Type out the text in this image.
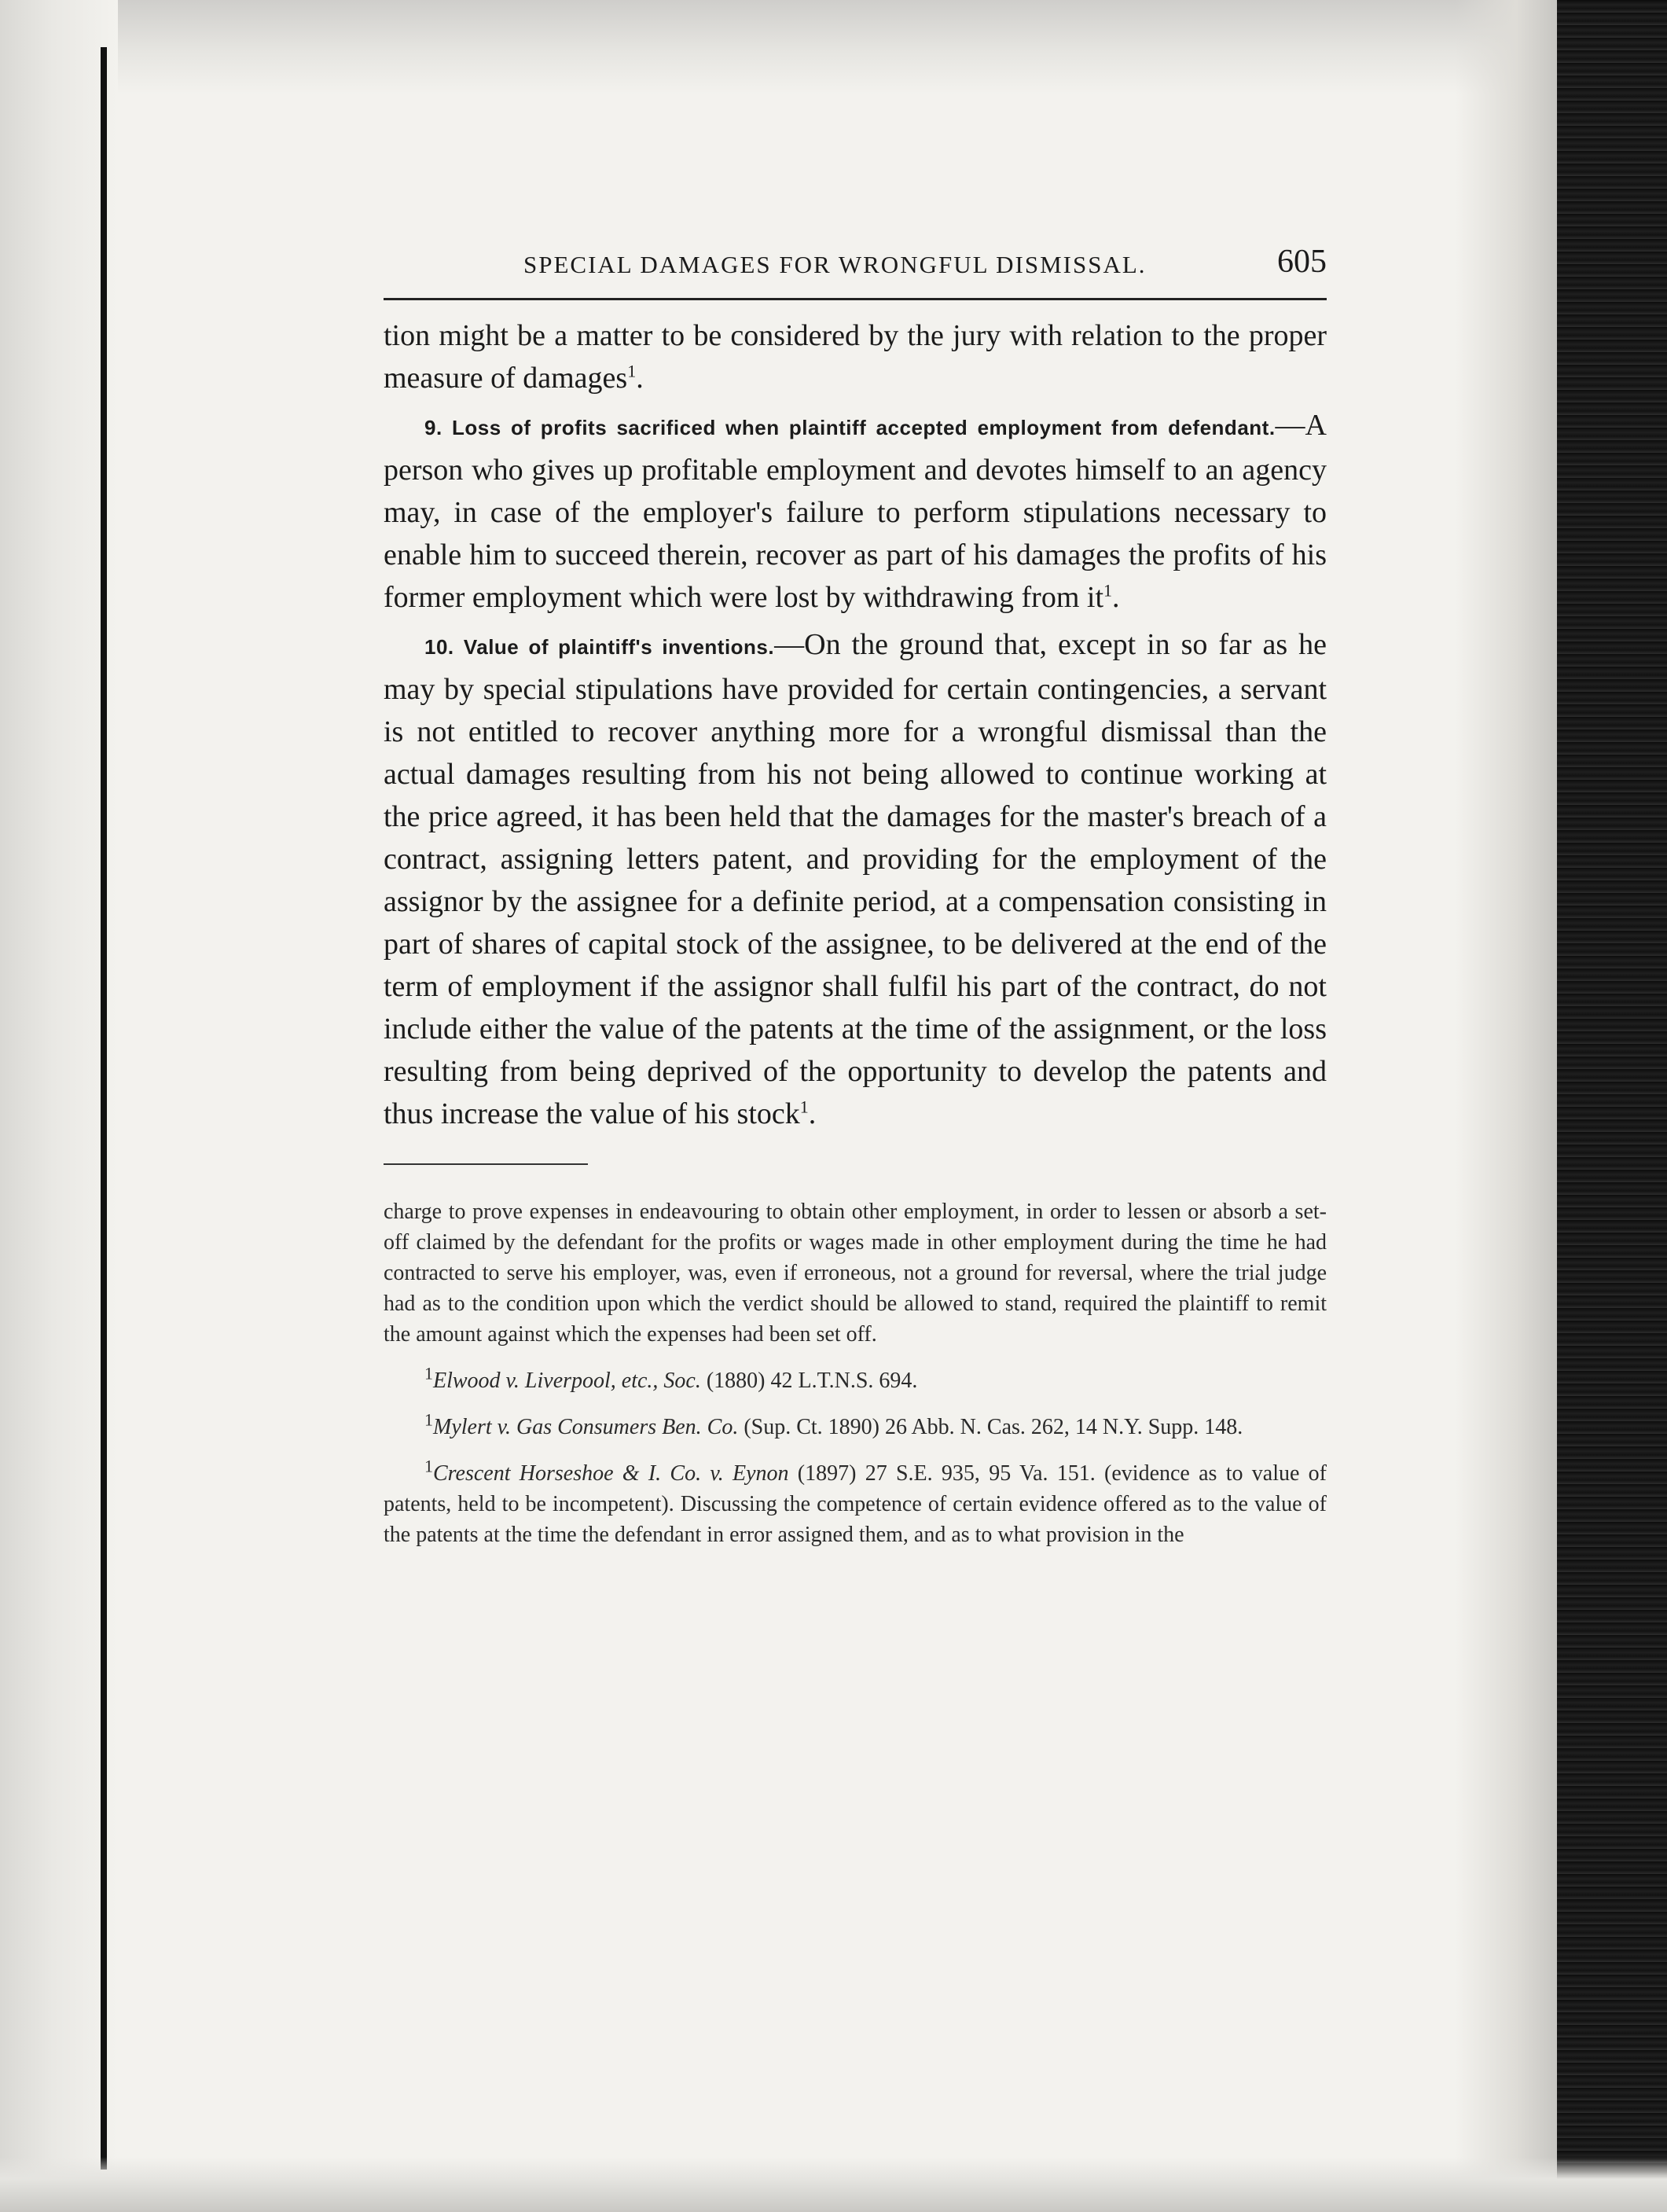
SPECIAL DAMAGES FOR WRONGFUL DISMISSAL.	605

tion might be a matter to be considered by the jury with relation to the proper measure of damages$^1$.

9. Loss of profits sacrificed when plaintiff accepted employment from defendant.—A person who gives up profitable employment and devotes himself to an agency may, in case of the employer's failure to perform stipulations necessary to enable him to succeed therein, recover as part of his damages the profits of his former employment which were lost by withdrawing from $it^1$.

10. Value of plaintiff's inventions.—On the ground that, except in so far as he may by special stipulations have provided for certain contingencies, a servant is not entitled to recover anything more for a wrongful dismissal than the actual damages resulting from his not being allowed to continue working at the price agreed, it has been held that the damages for the master's breach of a contract, assigning letters patent, and providing for the employment of the assignor by the assignee for a definite period, at a compensation consisting in part of shares of capital stock of the assignee, to be delivered at the end of the term of employment if the assignor shall fulfil his part of the contract, do not include either the value of the patents at the time of the assignment, or the loss resulting from being deprived of the opportunity to develop the patents and thus increase the value of his stock$^1$.

charge to prove expenses in endeavouring to obtain other employment, in order to lessen or absorb a set-off claimed by the defendant for the profits or wages made in other employment during the time he had contracted to serve his employer, was, even if erroneous, not a ground for reversal, where the trial judge had as to the condition upon which the verdict should be allowed to stand, required the plaintiff to remit the amount against which the expenses had been set off.

$^1$Elwood v. Liverpool, etc., Soc. (1880) 42 L.T.N.S. 694.

$^1$Mylert v. Gas Consumers Ben. Co. (Sup. Ct. 1890) 26 Abb. N. Cas. 262, 14 N.Y. Supp. 148.

$^1$Crescent Horseshoe & I. Co. v. Eynon (1897) 27 S.E. 935, 95 Va. 151. (evidence as to value of patents, held to be incompetent). Discussing the competence of certain evidence offered as to the value of the patents at the time the defendant in error assigned them, and as to what provision in the
